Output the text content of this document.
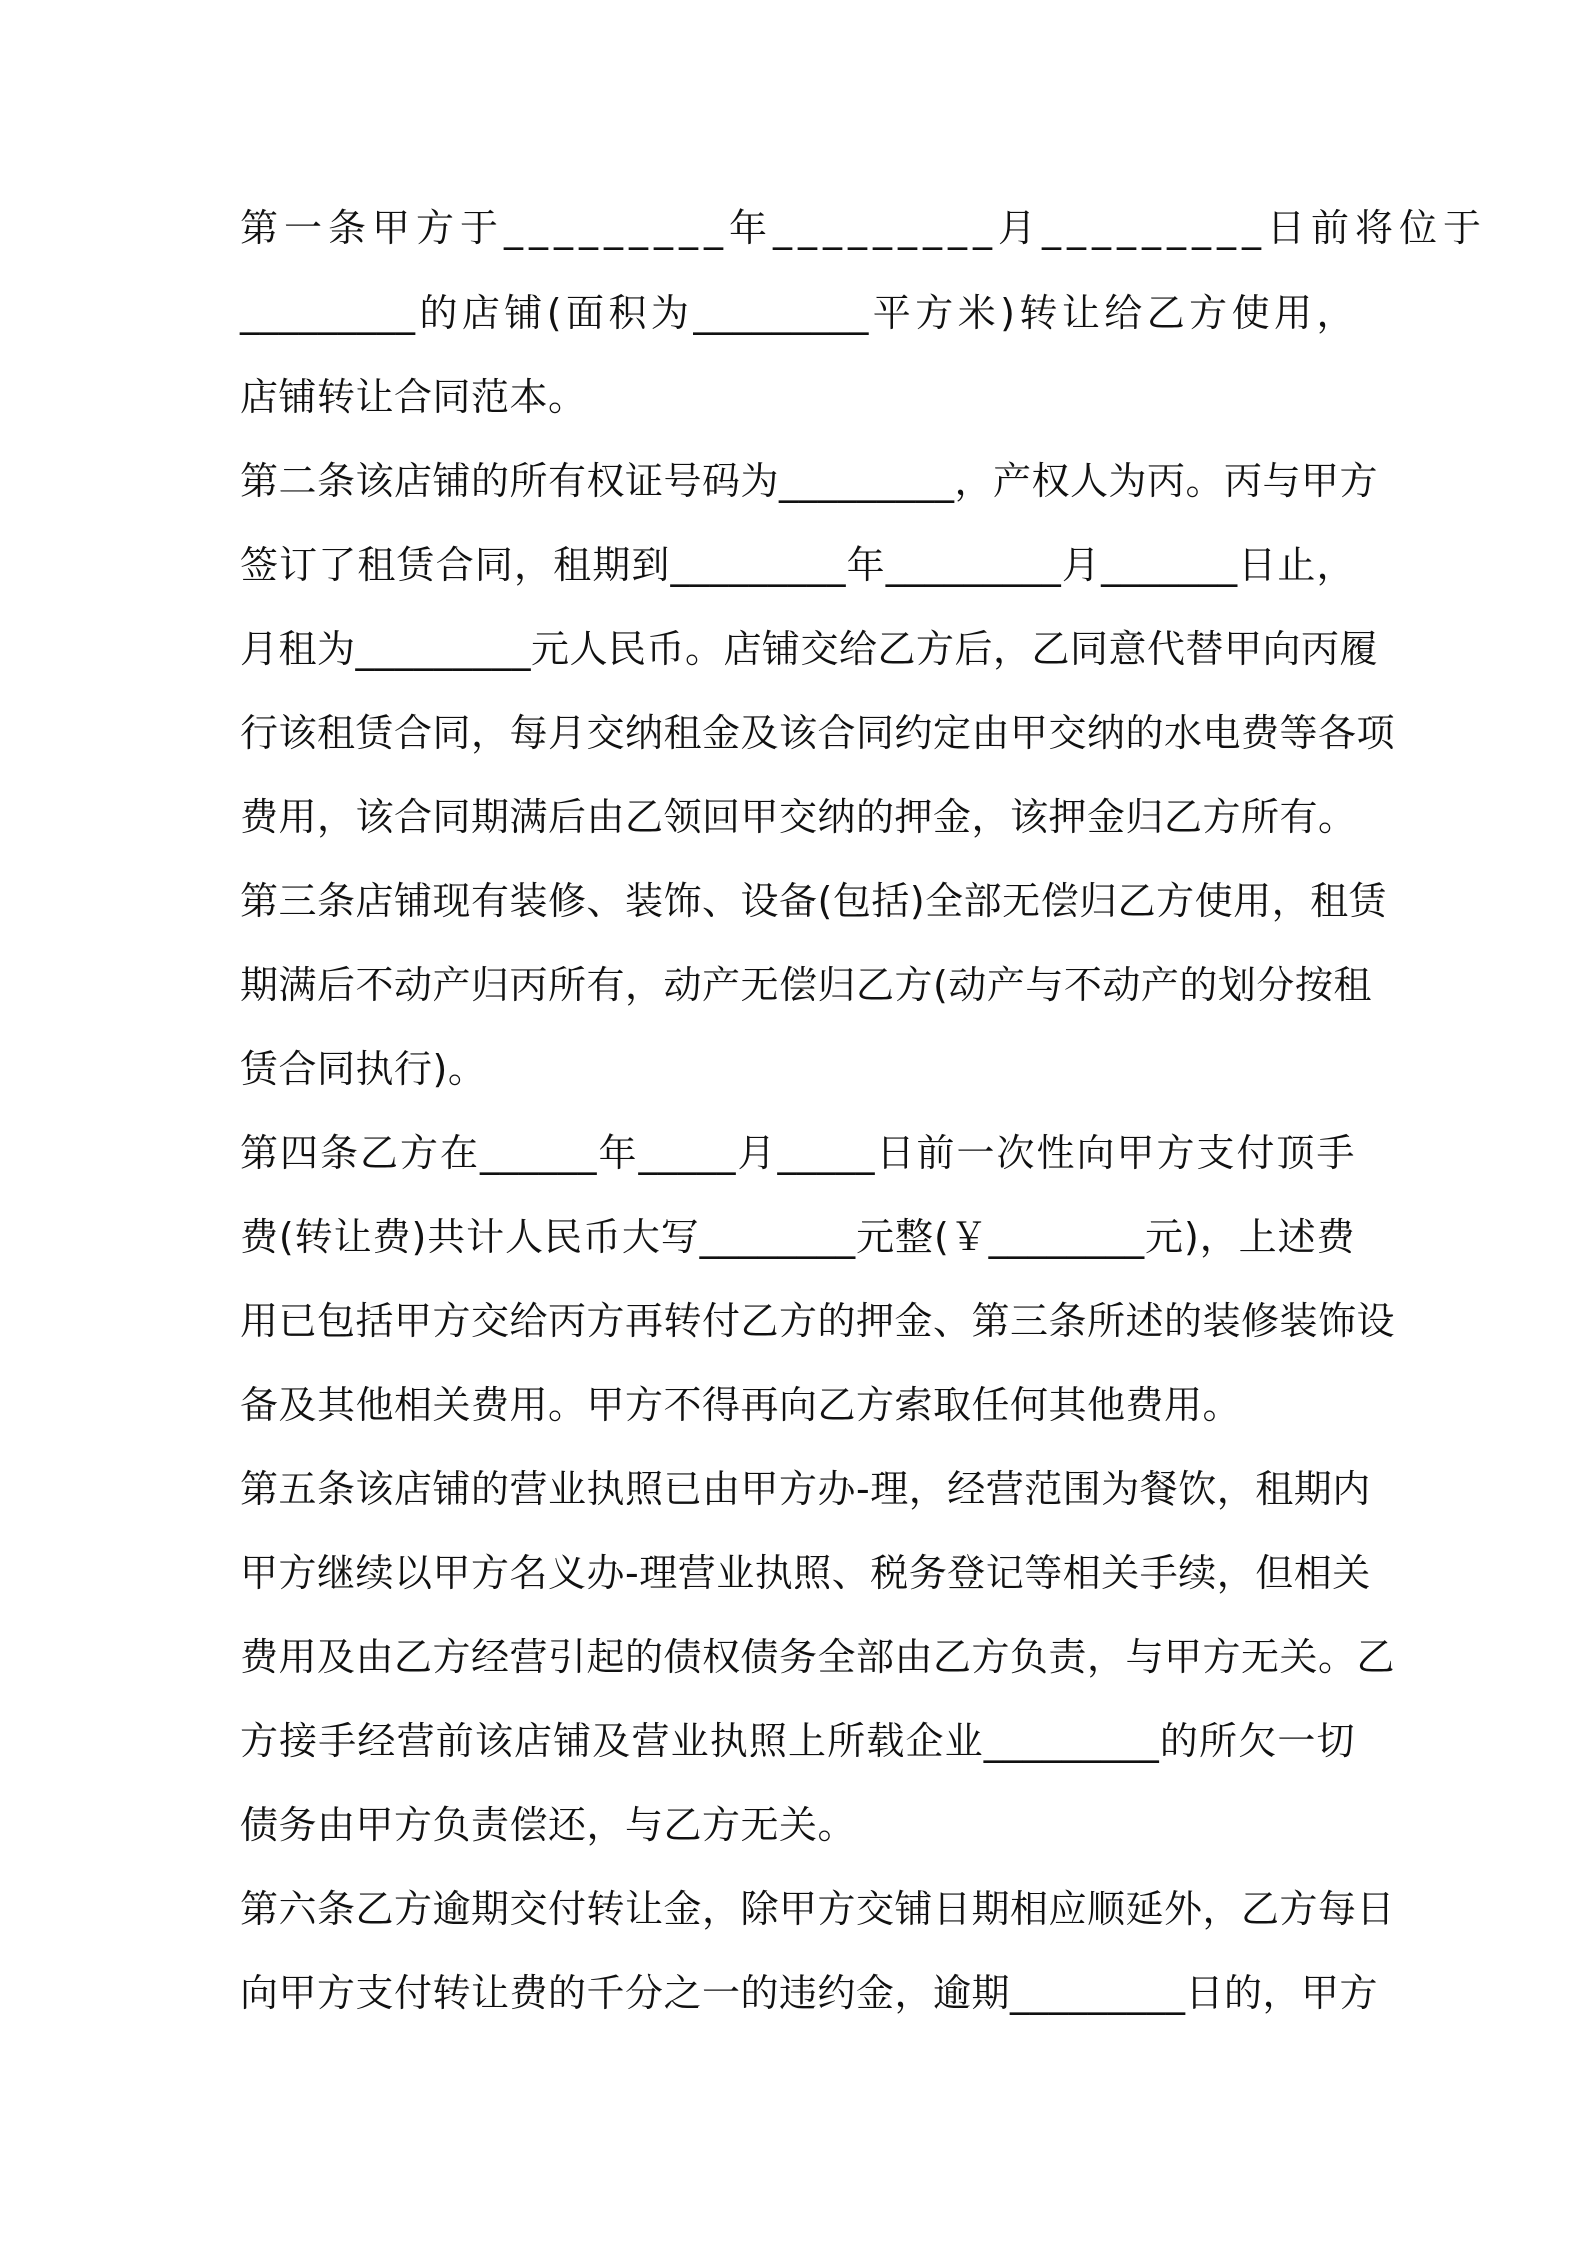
第一条甲方于_________年_________月_________日前将位于
_________的店铺(面积为_________平方米)转让给乙方使用，
店铺转让合同范本。
第二条该店铺的所有权证号码为_________，产权人为丙。丙与甲方
签订了租赁合同，租期到_________年_________月_______日止，
月租为_________元人民币。店铺交给乙方后，乙同意代替甲向丙履
行该租赁合同，每月交纳租金及该合同约定由甲交纳的水电费等各项
费用，该合同期满后由乙领回甲交纳的押金，该押金归乙方所有。
第三条店铺现有装修、装饰、设备(包括)全部无偿归乙方使用，租赁
期满后不动产归丙所有，动产无偿归乙方(动产与不动产的划分按租
赁合同执行)。
第四条乙方在______年_____月_____日前一次性向甲方支付顶手
费(转让费)共计人民币大写________元整(￥________元)，上述费
用已包括甲方交给丙方再转付乙方的押金、第三条所述的装修装饰设
备及其他相关费用。甲方不得再向乙方索取任何其他费用。
第五条该店铺的营业执照已由甲方办-理，经营范围为餐饮，租期内
甲方继续以甲方名义办-理营业执照、税务登记等相关手续，但相关
费用及由乙方经营引起的债权债务全部由乙方负责，与甲方无关。乙
方接手经营前该店铺及营业执照上所载企业_________的所欠一切
债务由甲方负责偿还，与乙方无关。
第六条乙方逾期交付转让金，除甲方交铺日期相应顺延外，乙方每日
向甲方支付转让费的千分之一的违约金，逾期_________日的，甲方
